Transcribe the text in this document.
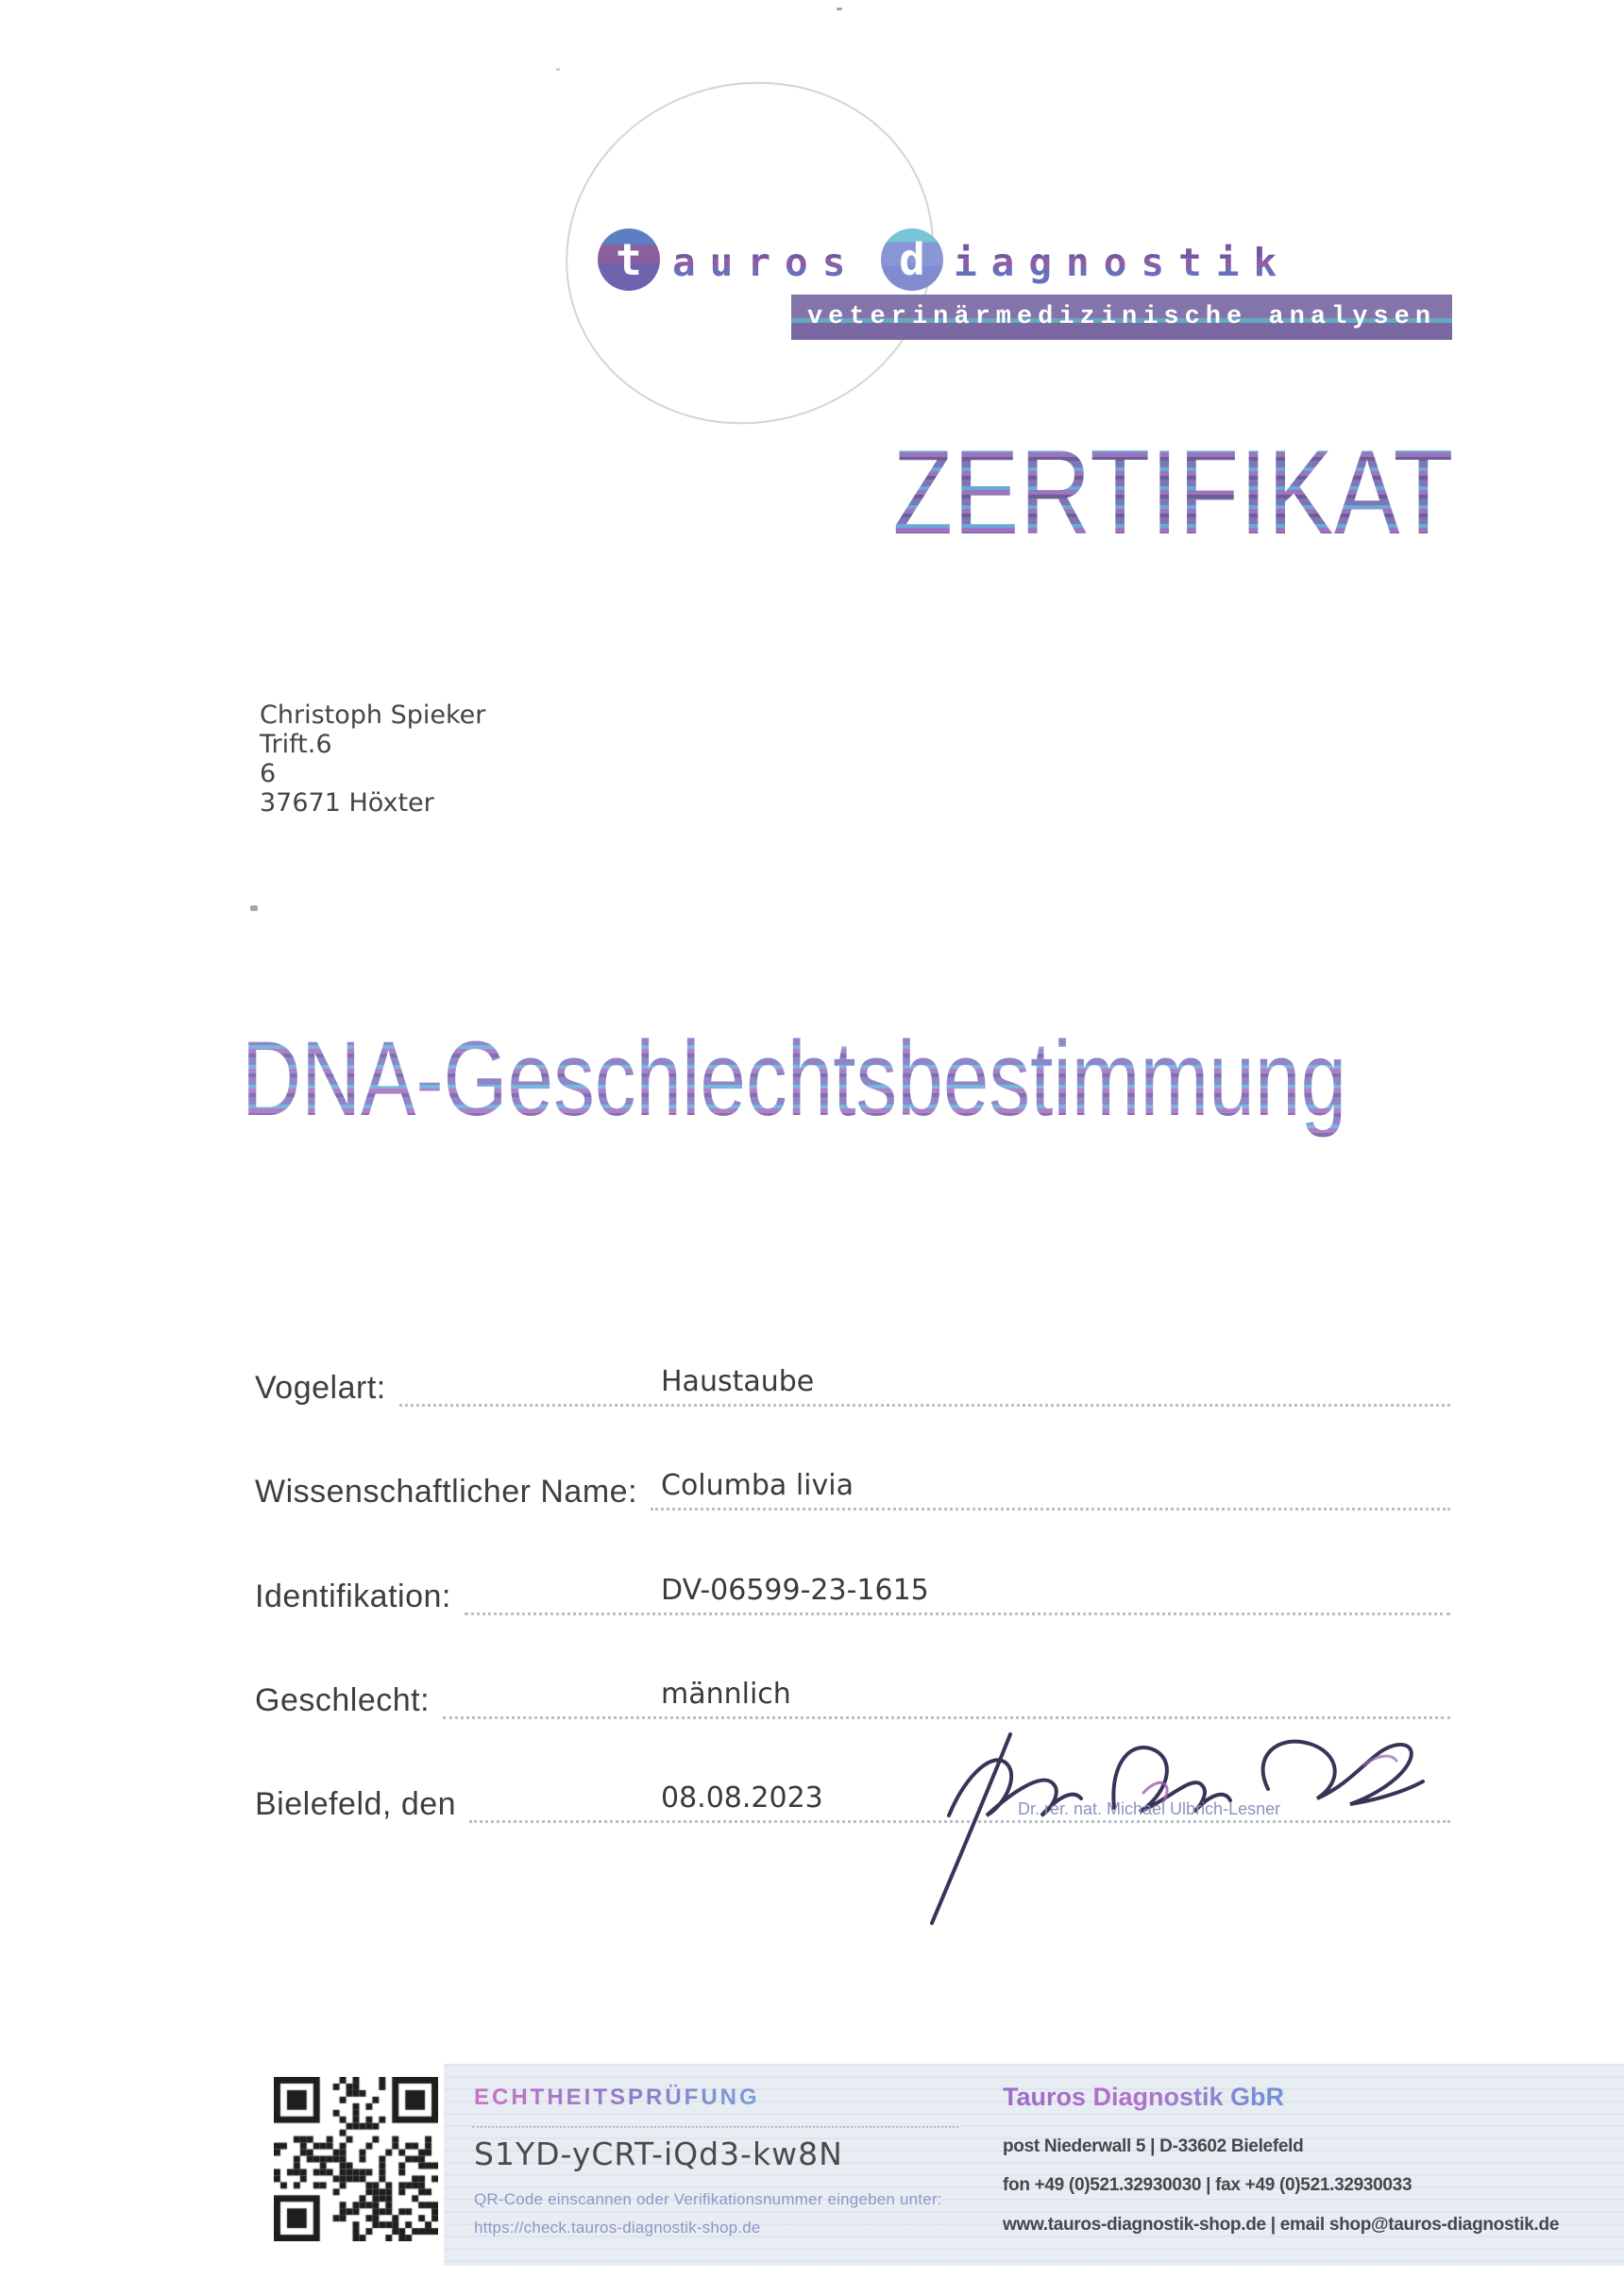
t auros d iagnostik
veterinärmedizinische analysen
ZERTIFIKAT
Christoph Spieker
Trift.6
6
37671 Höxter
DNA-Geschlechtsbestimmung
Vogelart:	Haustaube
Wissenschaftlicher Name: Columba livia
Identifikation:	DV-06599-23-1615
Geschlecht:	männlich
Bielefeld, den	08.08.2023	Dr. rer. nat. Michael Ulbrich-Lesner
ECHTHEITSPRÜFUNG
S1YD-yCRT-iQd3-kw8N
QR-Code einscannen oder Verifikationsnummer eingeben unter:
https://check.tauros-diagnostik-shop.de
Tauros Diagnostik GbR
post Niederwall 5 | D-33602 Bielefeld
fon +49 (0)521.32930030 | fax +49 (0)521.32930033
www.tauros-diagnostik-shop.de | email shop@tauros-diagnostik.de
